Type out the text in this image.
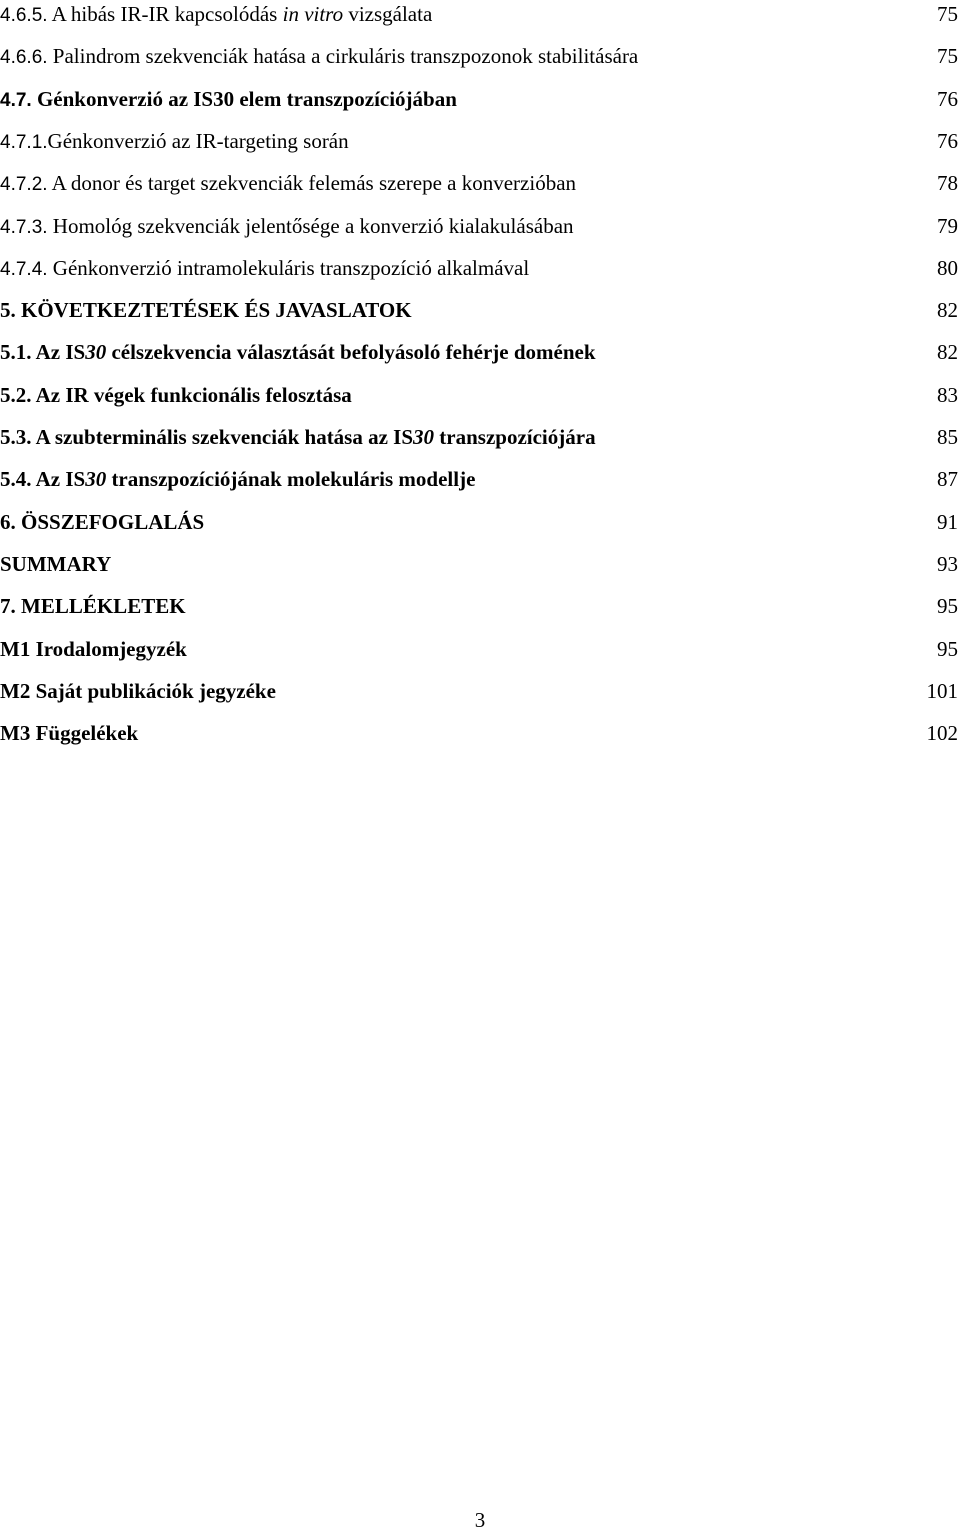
4.6.5. A hibás IR-IR kapcsolódás in vitro vizsgálata	75
4.6.6. Palindrom szekvenciák hatása a cirkuláris transzpozonok stabilitására	75
4.7. Génkonverzió az IS30 elem transzpozíciójában	76
4.7.1.Génkonverzió az IR-targeting során	76
4.7.2. A donor és target szekvenciák felemás szerepe a konverzióban	78
4.7.3. Homológ szekvenciák jelentősége a konverzió kialakulásában	79
4.7.4. Génkonverzió intramolekuláris transzpozíció alkalmával	80
5. KÖVETKEZTETÉSEK ÉS JAVASLATOK	82
5.1. Az IS30 célszekvencia választását befolyásoló fehérje domének	82
5.2. Az IR végek funkcionális felosztása	83
5.3. A szubterminális szekvenciák hatása az IS30 transzpozíciójára	85
5.4. Az IS30 transzpozíciójának molekuláris modellje	87
6. ÖSSZEFOGLALÁS	91
SUMMARY	93
7. MELLÉKLETEK	95
M1 Irodalomjegyzék	95
M2 Saját publikációk jegyzéke	101
M3 Függelékek	102
3
